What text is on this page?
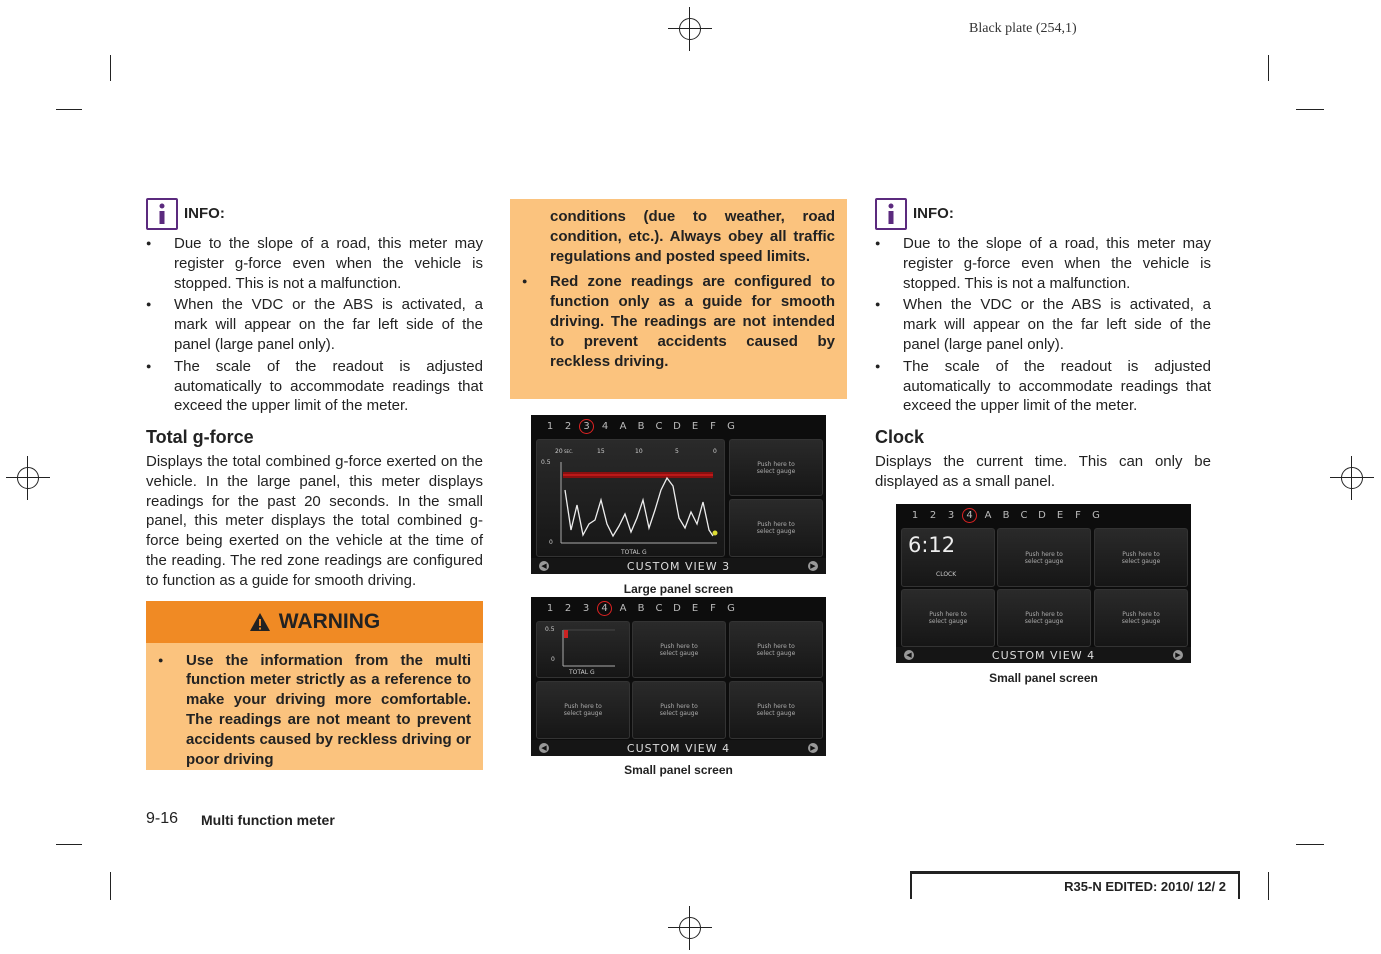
Black plate (254,1)
INFO:
● Due to the slope of a road, this meter may register g-force even when the vehicle is stopped. This is not a malfunction.
● When the VDC or the ABS is activated, a mark will appear on the far left side of the panel (large panel only).
● The scale of the readout is adjusted automatically to accommodate readings that exceed the upper limit of the meter.
Total g-force

Displays the total combined g-force exerted on the vehicle. In the large panel, this meter displays readings for the past 20 seconds. In the small panel, this meter displays the total combined g-force being exerted on the vehicle at the time of the reading. The red zone readings are configured to function as a guide for smooth driving.

WARNING
● Use the information from the multi function meter strictly as a reference to make your driving more comfortable. The readings are not meant to prevent accidents caused by reckless driving or poor driving

conditions (due to weather, road condition, etc.). Always obey all traffic regulations and posted speed limits.

● Red zone readings are configured to function only as a guide for smooth driving. The readings are not intended to prevent accidents caused by reckless driving.
1	2	3	4	A	B	C	D	E	F	G
20 SEC.	15	10	5	0
0.5
0
TOTAL G
Push here to select gauge
Push here to select gauge
CUSTOM VIEW 3
◀	▶
Large panel screen
1	2	3	4	A	B	C	D	E	F	G
0.5
0
TOTAL G
Push here to select gauge
Push here to select gauge
Push here to select gauge
Push here to select gauge
Push here to select gauge
CUSTOM VIEW 4
◀	▶
Small panel screen
INFO:
● Due to the slope of a road, this meter may register g-force even when the vehicle is stopped. This is not a malfunction.
● When the VDC or the ABS is activated, a mark will appear on the far left side of the panel (large panel only).
● The scale of the readout is adjusted automatically to accommodate readings that exceed the upper limit of the meter.
Clock

Displays the current time. This can only be displayed as a small panel.

1	2	3	4	A	B	C	D	E	F	G
6:12
CLOCK
Push here to select gauge
Push here to select gauge
Push here to select gauge
Push here to select gauge
Push here to select gauge
CUSTOM VIEW 4
◀	▶
Small panel screen
9-16 Multi function meter
R35-N EDITED: 2010/ 12/ 2
